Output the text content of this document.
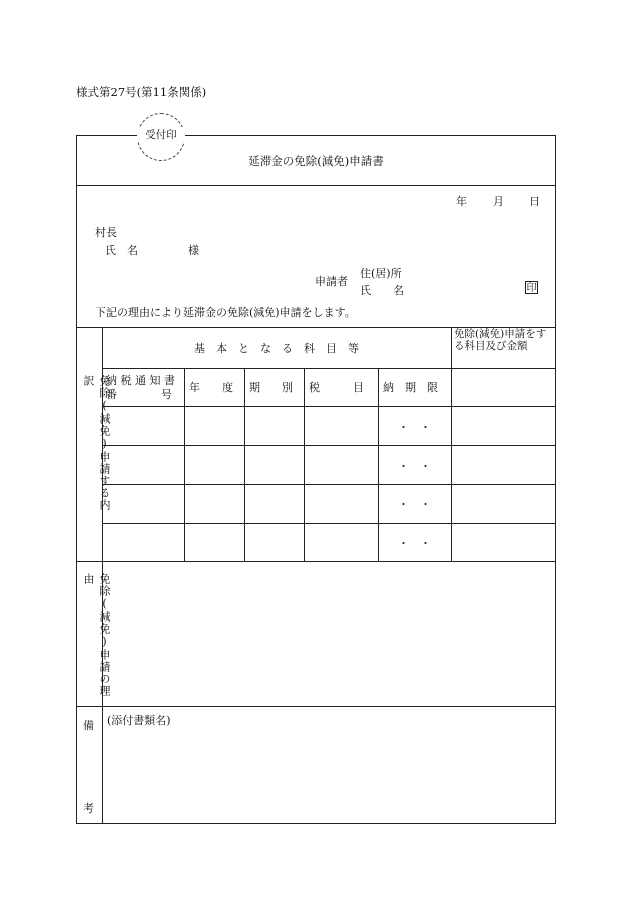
様式第27号(第11条関係)
受付印
延滞金の免除(減免)申請書
年 月 日
村長
氏　名	様
申請者
住(居)所
氏　　名	印
下記の理由により延滞金の免除(減免)申請をします。
免除(減免)申請する内訳
基　本　と　な　る　科　目　等
免除(減免)申請をする科目及び金額
納 税 通 知 書
番　　　　号
年　　度 期　　別 税　　　目 納　期　限
・　・
・　・
・　・
・　・
免除(減免)申請の理由
備
考
(添付書類名)
